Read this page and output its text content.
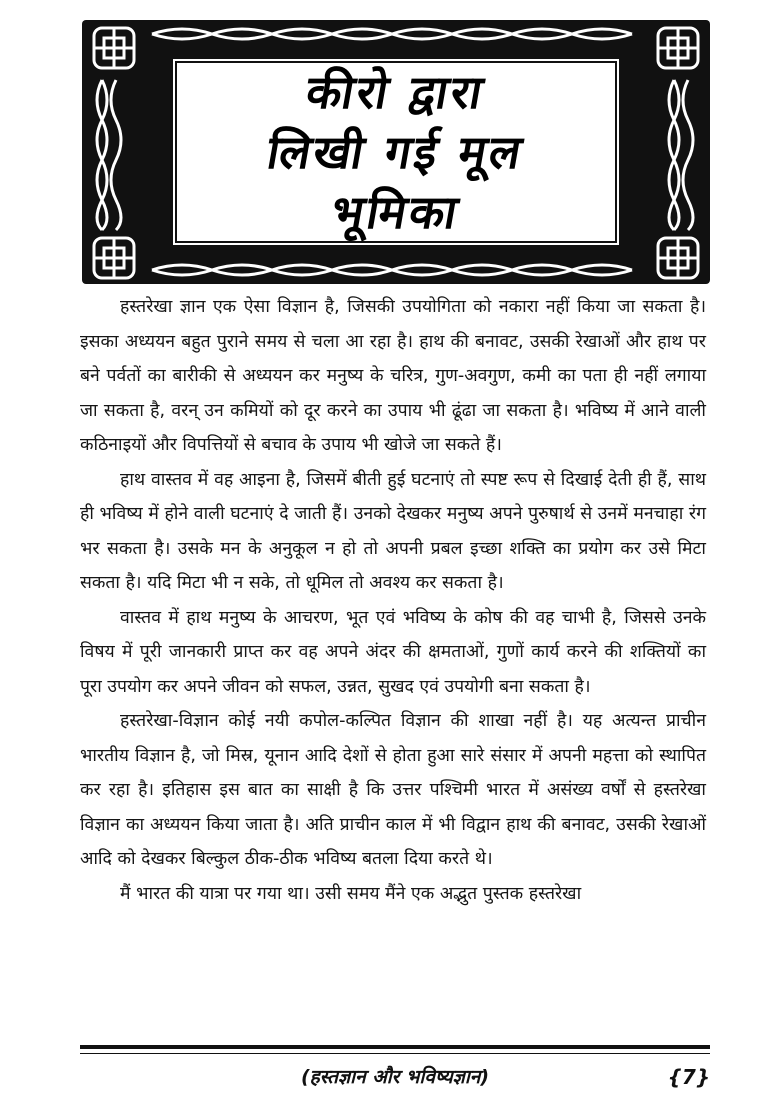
कीरो द्वारा
लिखी गई मूल
भूमिका

हस्तरेखा ज्ञान एक ऐसा विज्ञान है, जिसकी उपयोगिता को नकारा नहीं किया जा सकता है। इसका अध्ययन बहुत पुराने समय से चला आ रहा है। हाथ की बनावट, उसकी रेखाओं और हाथ पर बने पर्वतों का बारीकी से अध्ययन कर मनुष्य के चरित्र, गुण-अवगुण, कमी का पता ही नहीं लगाया जा सकता है, वरन् उन कमियों को दूर करने का उपाय भी ढूंढा जा सकता है। भविष्य में आने वाली कठिनाइयों और विपत्तियों से बचाव के उपाय भी खोजे जा सकते हैं।

हाथ वास्तव में वह आइना है, जिसमें बीती हुई घटनाएं तो स्पष्ट रूप से दिखाई देती ही हैं, साथ ही भविष्य में होने वाली घटनाएं दे जाती हैं। उनको देखकर मनुष्य अपने पुरुषार्थ से उनमें मनचाहा रंग भर सकता है। उसके मन के अनुकूल न हो तो अपनी प्रबल इच्छा शक्ति का प्रयोग कर उसे मिटा सकता है। यदि मिटा भी न सके, तो धूमिल तो अवश्य कर सकता है।

वास्तव में हाथ मनुष्य के आचरण, भूत एवं भविष्य के कोष की वह चाभी है, जिससे उनके विषय में पूरी जानकारी प्राप्त कर वह अपने अंदर की क्षमताओं, गुणों कार्य करने की शक्तियों का पूरा उपयोग कर अपने जीवन को सफल, उन्नत, सुखद एवं उपयोगी बना सकता है।

हस्तरेखा-विज्ञान कोई नयी कपोल-कल्पित विज्ञान की शाखा नहीं है। यह अत्यन्त प्राचीन भारतीय विज्ञान है, जो मिस्र, यूनान आदि देशों से होता हुआ सारे संसार में अपनी महत्ता को स्थापित कर रहा है। इतिहास इस बात का साक्षी है कि उत्तर पश्चिमी भारत में असंख्य वर्षों से हस्तरेखा विज्ञान का अध्ययन किया जाता है। अति प्राचीन काल में भी विद्वान हाथ की बनावट, उसकी रेखाओं आदि को देखकर बिल्कुल ठीक-ठीक भविष्य बतला दिया करते थे।

मैं भारत की यात्रा पर गया था। उसी समय मैंने एक अद्भुत पुस्तक हस्तरेखा

(हस्तज्ञान और भविष्यज्ञान)	{7}
